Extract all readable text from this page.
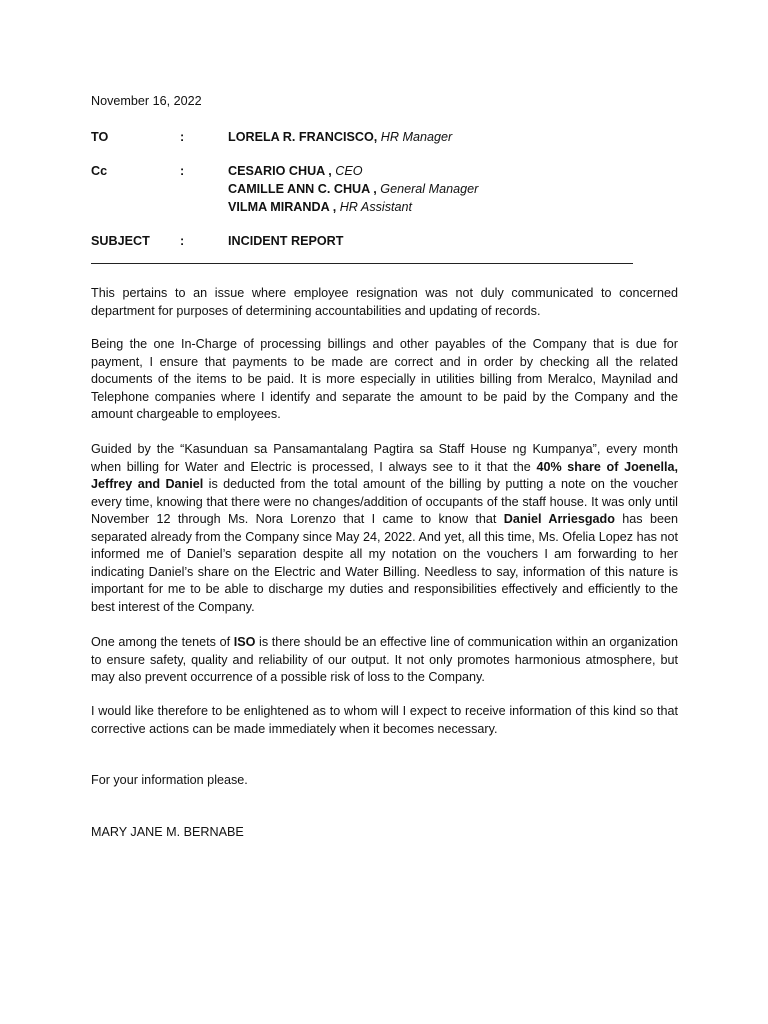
November 16, 2022
TO	:	LORELA R. FRANCISCO, HR Manager
Cc	:	CESARIO CHUA , CEO
CAMILLE ANN C. CHUA , General Manager
VILMA MIRANDA , HR Assistant
SUBJECT :	INCIDENT REPORT
This pertains to an issue where employee resignation was not duly communicated to concerned department for purposes of determining accountabilities and updating of records.
Being the one In-Charge of processing billings and other payables of the Company that is due for payment, I ensure that payments to be made are correct and in order by checking all the related documents of the items to be paid. It is more especially in utilities billing from Meralco, Maynilad and Telephone companies where I identify and separate the amount to be paid by the Company and the amount chargeable to employees.
Guided by the “Kasunduan sa Pansamantalang Pagtira sa Staff House ng Kumpanya”, every month when billing for Water and Electric is processed, I always see to it that the 40% share of Joenella, Jeffrey and Daniel is deducted from the total amount of the billing by putting a note on the voucher every time, knowing that there were no changes/addition of occupants of the staff house. It was only until November 12 through Ms. Nora Lorenzo that I came to know that Daniel Arriesgado has been separated already from the Company since May 24, 2022. And yet, all this time, Ms. Ofelia Lopez has not informed me of Daniel’s separation despite all my notation on the vouchers I am forwarding to her indicating Daniel’s share on the Electric and Water Billing. Needless to say, information of this nature is important for me to be able to discharge my duties and responsibilities effectively and efficiently to the best interest of the Company.
One among the tenets of ISO is there should be an effective line of communication within an organization to ensure safety, quality and reliability of our output. It not only promotes harmonious atmosphere, but may also prevent occurrence of a possible risk of loss to the Company.
I would like therefore to be enlightened as to whom will I expect to receive information of this kind so that corrective actions can be made immediately when it becomes necessary.
For your information please.
MARY JANE M. BERNABE
